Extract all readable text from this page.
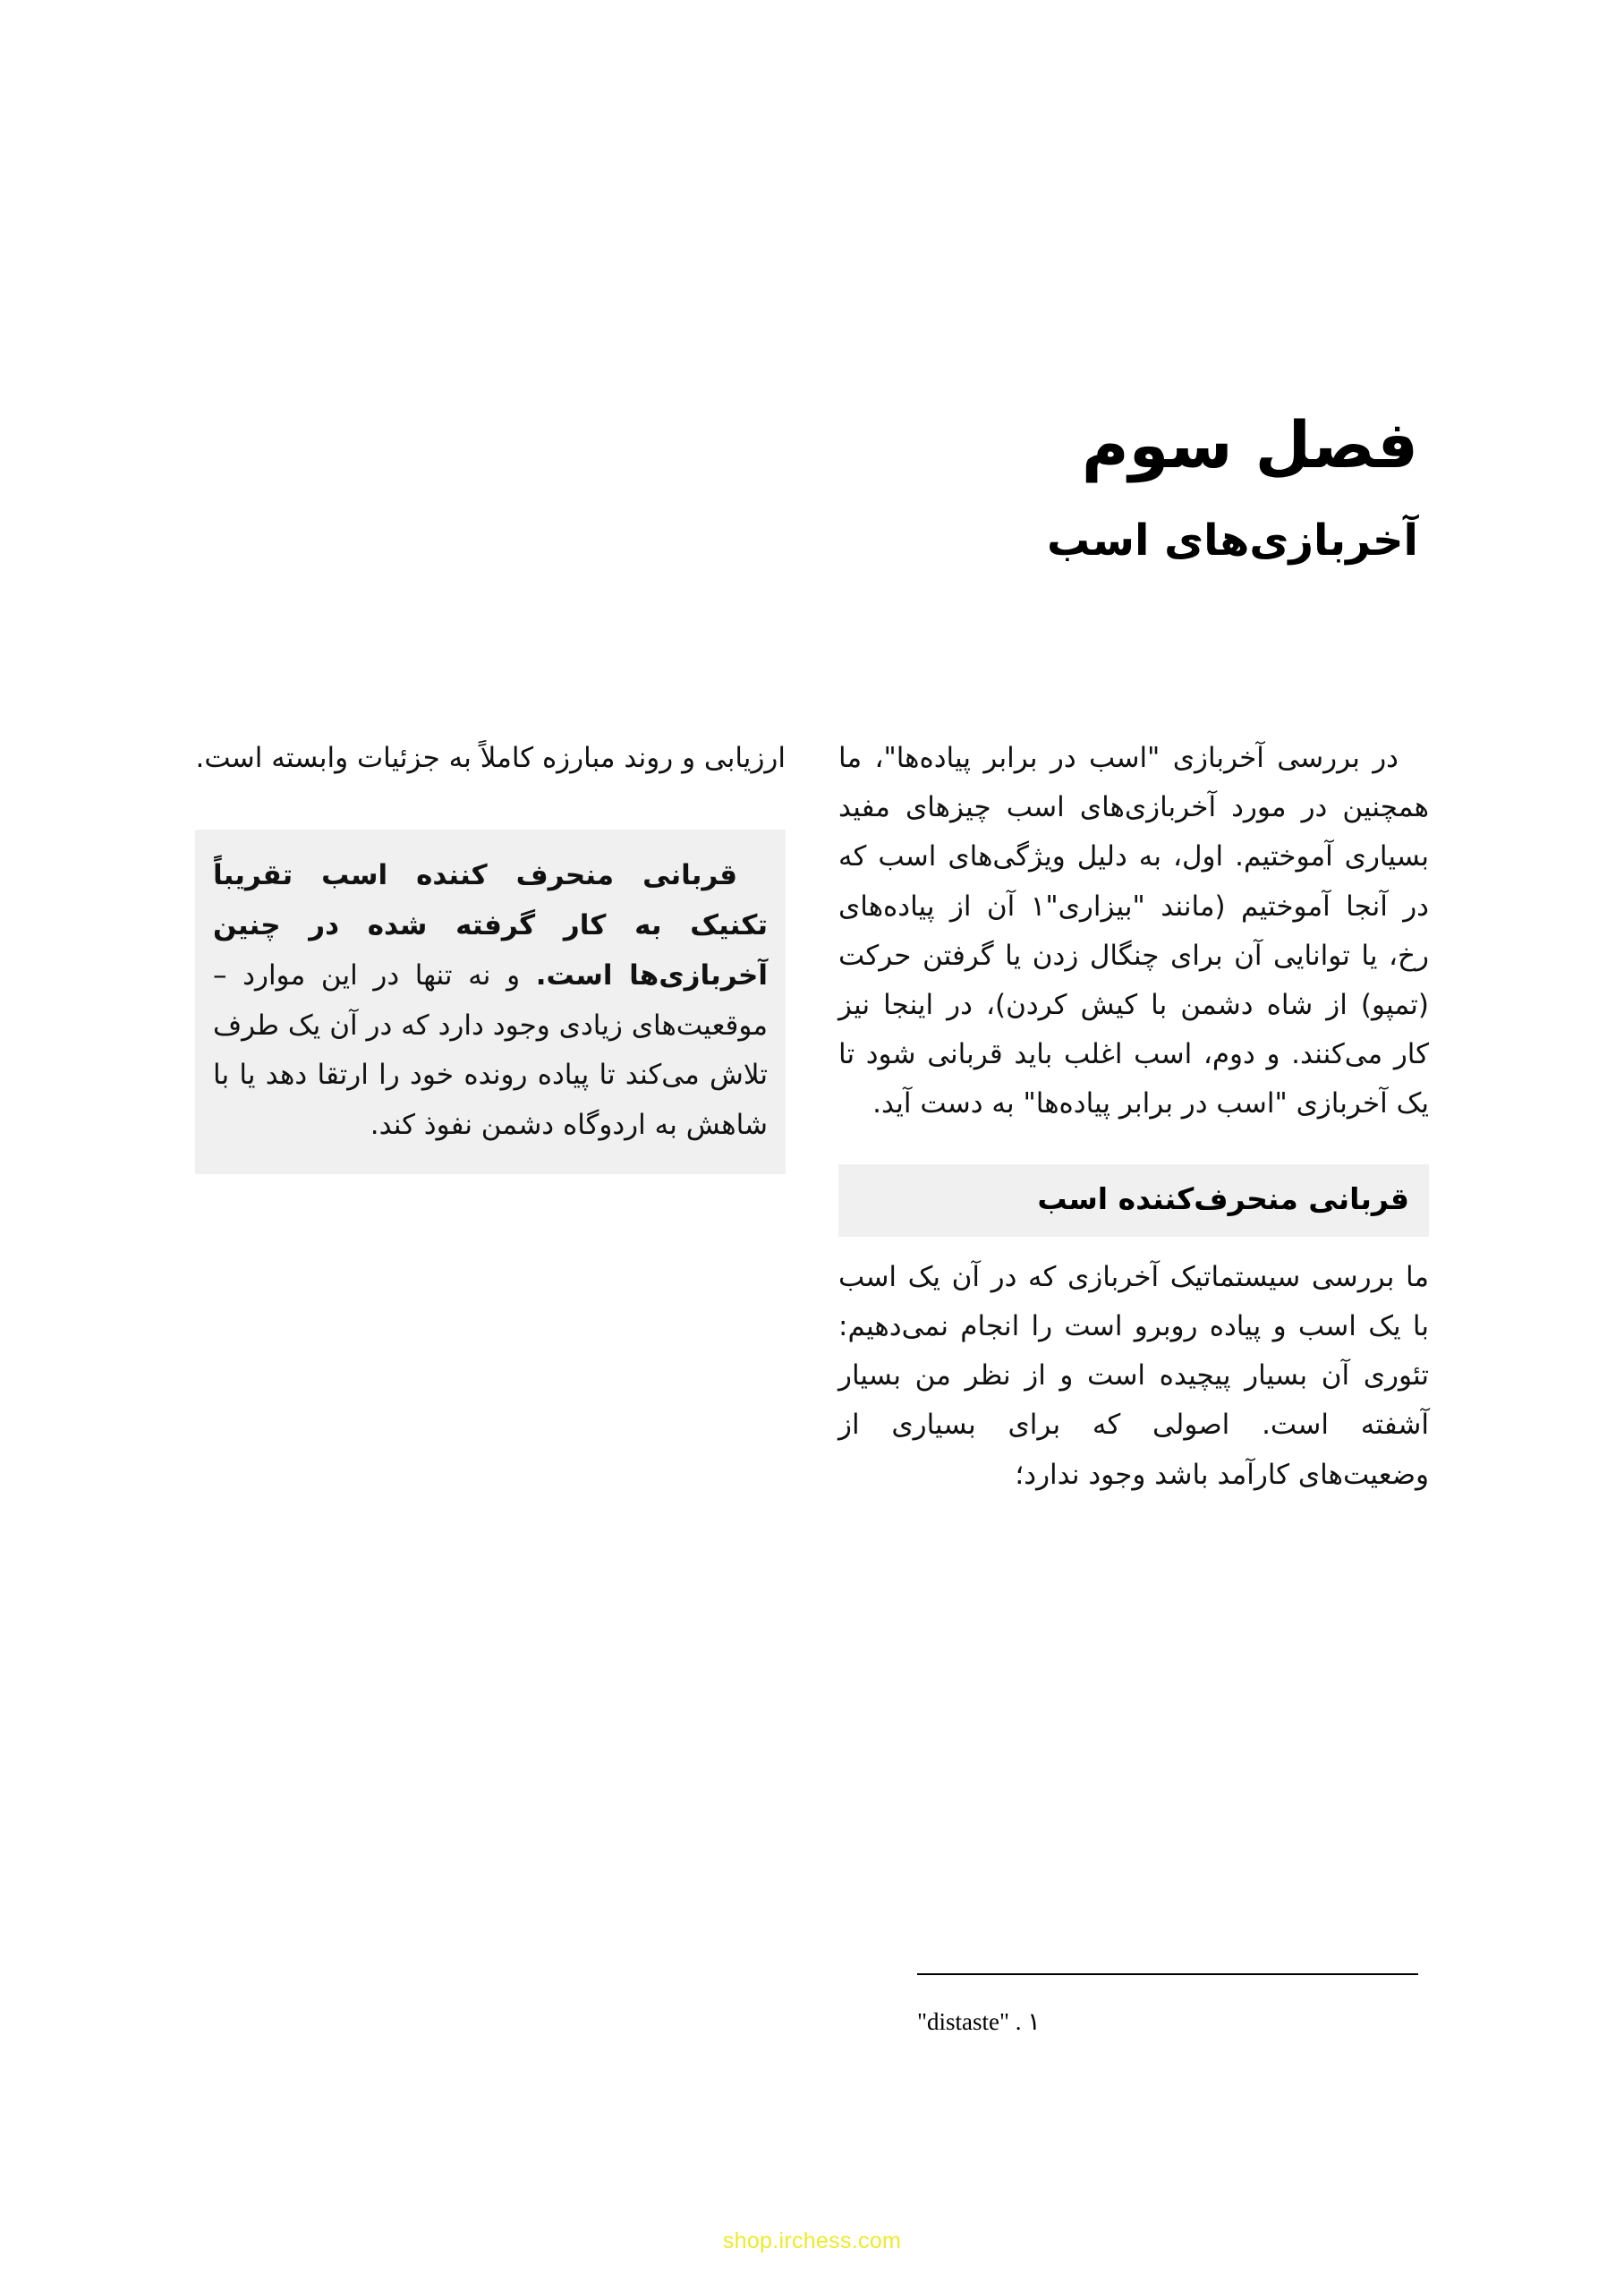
فصل سوم
آخربازی‌های اسب

در بررسی آخربازی "اسب در برابر پیاده‌ها"، ما همچنین در مورد آخربازی‌های اسب چیزهای مفید بسیاری آموختیم. اول، به دلیل ویژگی‌های اسب که در آنجا آموختیم (مانند "بیزاری"۱ آن از پیاده‌های رخ، یا توانایی آن برای چنگال زدن یا گرفتن حرکت (تمپو) از شاه دشمن با کیش کردن)، در اینجا نیز کار می‌کنند. و دوم، اسب اغلب باید قربانی شود تا یک آخربازی "اسب در برابر پیاده‌ها" به دست آید.

قربانی منحرف‌کننده اسب

ما بررسی سیستماتیک آخربازی که در آن یک اسب با یک اسب و پیاده روبرو است را انجام نمی‌دهیم: تئوری آن بسیار پیچیده است و از نظر من بسیار آشفته است. اصولی که برای بسیاری از وضعیت‌های کارآمد باشد وجود ندارد؛

ارزیابی و روند مبارزه کاملاً به جزئیات وابسته است.

قربانی منحرف کننده اسب تقریباً تکنیک به کار گرفته شده در چنین آخربازی‌ها است. و نه تنها در این موارد – موقعیت‌های زیادی وجود دارد که در آن یک طرف تلاش می‌کند تا پیاده رونده خود را ارتقا دهد یا با شاهش به اردوگاه دشمن نفوذ کند.

"distaste" . ۱
shop.irchess.com
